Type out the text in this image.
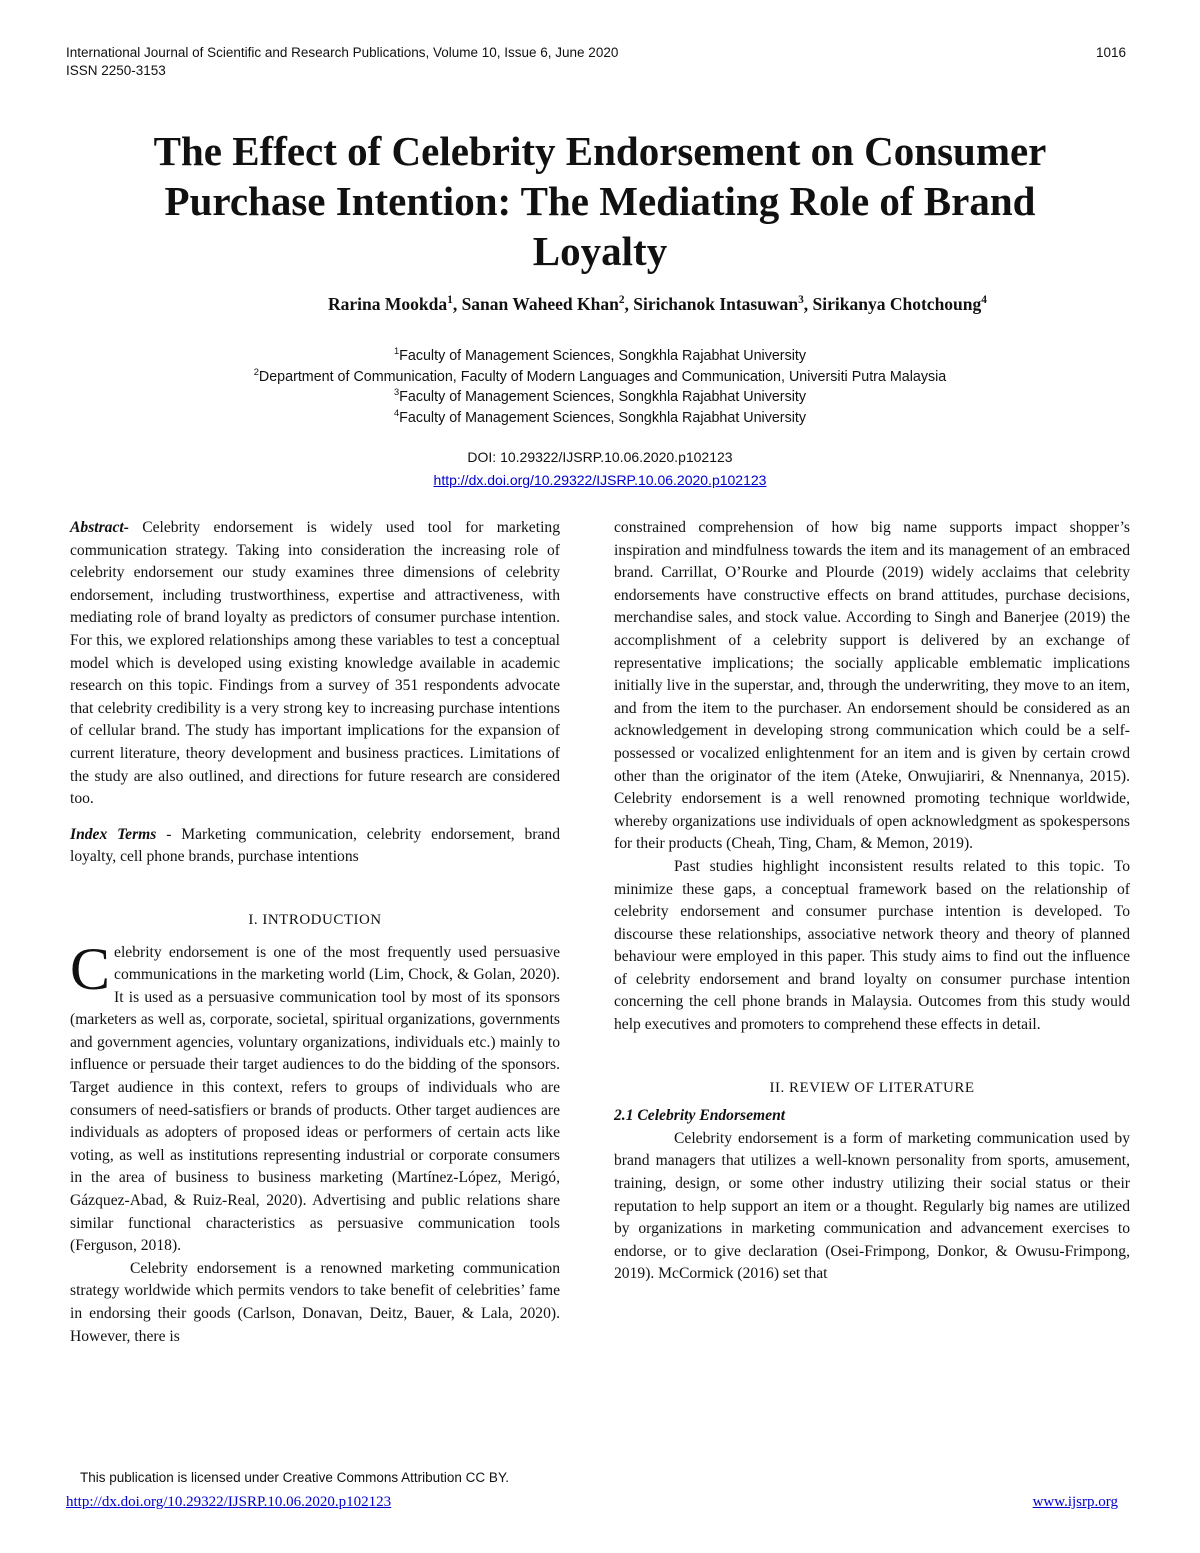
International Journal of Scientific and Research Publications, Volume 10, Issue 6, June 2020
ISSN 2250-3153
1016
The Effect of Celebrity Endorsement on Consumer Purchase Intention: The Mediating Role of Brand Loyalty
Rarina Mookda$^1$, Sanan Waheed Khan$^2$, Sirichanok Intasuwan$^3$, Sirikanya Chotchoung$^4$
$^1$Faculty of Management Sciences, Songkhla Rajabhat University
$^2$Department of Communication, Faculty of Modern Languages and Communication, Universiti Putra Malaysia
$^3$Faculty of Management Sciences, Songkhla Rajabhat University
$^4$Faculty of Management Sciences, Songkhla Rajabhat University
DOI: 10.29322/IJSRP.10.06.2020.p102123
http://dx.doi.org/10.29322/IJSRP.10.06.2020.p102123

Abstract- Celebrity endorsement is widely used tool for marketing communication strategy. Taking into consideration the increasing role of celebrity endorsement our study examines three dimensions of celebrity endorsement, including trustworthiness, expertise and attractiveness, with mediating role of brand loyalty as predictors of consumer purchase intention. For this, we explored relationships among these variables to test a conceptual model which is developed using existing knowledge available in academic research on this topic. Findings from a survey of 351 respondents advocate that celebrity credibility is a very strong key to increasing purchase intentions of cellular brand. The study has important implications for the expansion of current literature, theory development and business practices. Limitations of the study are also outlined, and directions for future research are considered too.

Index Terms - Marketing communication, celebrity endorsement, brand loyalty, cell phone brands, purchase intentions

I. INTRODUCTION

Celebrity endorsement is one of the most frequently used persuasive communications in the marketing world (Lim, Chock, & Golan, 2020). It is used as a persuasive communication tool by most of its sponsors (marketers as well as, corporate, societal, spiritual organizations, governments and government agencies, voluntary organizations, individuals etc.) mainly to influence or persuade their target audiences to do the bidding of the sponsors. Target audience in this context, refers to groups of individuals who are consumers of need-satisfiers or brands of products. Other target audiences are individuals as adopters of proposed ideas or performers of certain acts like voting, as well as institutions representing industrial or corporate consumers in the area of business to business marketing (Martínez-López, Merigó, Gázquez-Abad, & Ruiz-Real, 2020). Advertising and public relations share similar functional characteristics as persuasive communication tools (Ferguson, 2018).

Celebrity endorsement is a renowned marketing communication strategy worldwide which permits vendors to take benefit of celebrities’ fame in endorsing their goods (Carlson, Donavan, Deitz, Bauer, & Lala, 2020). However, there is

constrained comprehension of how big name supports impact shopper’s inspiration and mindfulness towards the item and its management of an embraced brand. Carrillat, O’Rourke and Plourde (2019) widely acclaims that celebrity endorsements have constructive effects on brand attitudes, purchase decisions, merchandise sales, and stock value. According to Singh and Banerjee (2019) the accomplishment of a celebrity support is delivered by an exchange of representative implications; the socially applicable emblematic implications initially live in the superstar, and, through the underwriting, they move to an item, and from the item to the purchaser. An endorsement should be considered as an acknowledgement in developing strong communication which could be a self-possessed or vocalized enlightenment for an item and is given by certain crowd other than the originator of the item (Ateke, Onwujiariri, & Nnennanya, 2015). Celebrity endorsement is a well renowned promoting technique worldwide, whereby organizations use individuals of open acknowledgment as spokespersons for their products (Cheah, Ting, Cham, & Memon, 2019).

Past studies highlight inconsistent results related to this topic. To minimize these gaps, a conceptual framework based on the relationship of celebrity endorsement and consumer purchase intention is developed. To discourse these relationships, associative network theory and theory of planned behaviour were employed in this paper. This study aims to find out the influence of celebrity endorsement and brand loyalty on consumer purchase intention concerning the cell phone brands in Malaysia. Outcomes from this study would help executives and promoters to comprehend these effects in detail.

II. REVIEW OF LITERATURE

2.1 Celebrity Endorsement

Celebrity endorsement is a form of marketing communication used by brand managers that utilizes a well-known personality from sports, amusement, training, design, or some other industry utilizing their social status or their reputation to help support an item or a thought. Regularly big names are utilized by organizations in marketing communication and advancement exercises to endorse, or to give declaration (Osei-Frimpong, Donkor, & Owusu-Frimpong, 2019). McCormick (2016) set that

This publication is licensed under Creative Commons Attribution CC BY.
http://dx.doi.org/10.29322/IJSRP.10.06.2020.p102123	www.ijsrp.org
